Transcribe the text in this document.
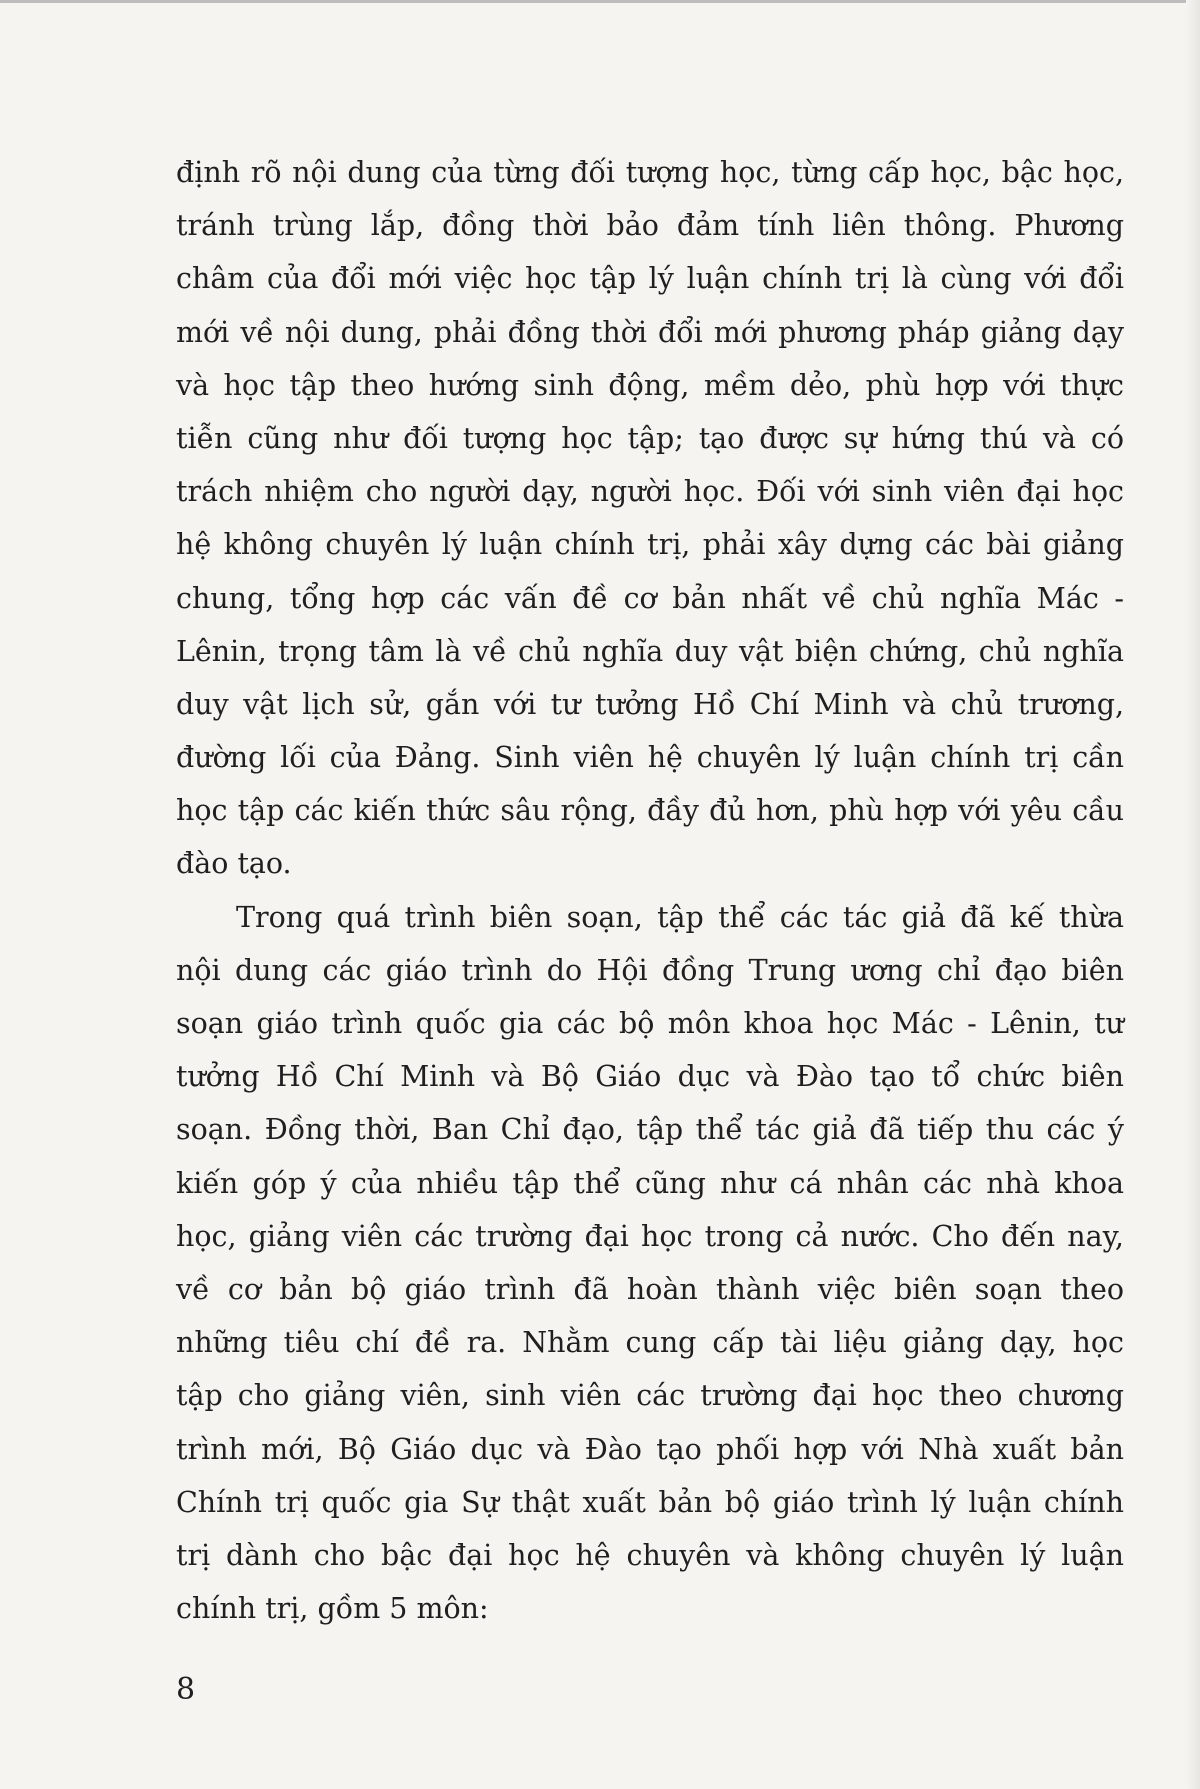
định rõ nội dung của từng đối tượng học, từng cấp học, bậc học,
tránh trùng lắp, đồng thời bảo đảm tính liên thông. Phương
châm của đổi mới việc học tập lý luận chính trị là cùng với đổi
mới về nội dung, phải đồng thời đổi mới phương pháp giảng dạy
và học tập theo hướng sinh động, mềm dẻo, phù hợp với thực
tiễn cũng như đối tượng học tập; tạo được sự hứng thú và có
trách nhiệm cho người dạy, người học. Đối với sinh viên đại học
hệ không chuyên lý luận chính trị, phải xây dựng các bài giảng
chung, tổng hợp các vấn đề cơ bản nhất về chủ nghĩa Mác -
Lênin, trọng tâm là về chủ nghĩa duy vật biện chứng, chủ nghĩa
duy vật lịch sử, gắn với tư tưởng Hồ Chí Minh và chủ trương,
đường lối của Đảng. Sinh viên hệ chuyên lý luận chính trị cần
học tập các kiến thức sâu rộng, đầy đủ hơn, phù hợp với yêu cầu
đào tạo.
Trong quá trình biên soạn, tập thể các tác giả đã kế thừa
nội dung các giáo trình do Hội đồng Trung ương chỉ đạo biên
soạn giáo trình quốc gia các bộ môn khoa học Mác - Lênin, tư
tưởng Hồ Chí Minh và Bộ Giáo dục và Đào tạo tổ chức biên
soạn. Đồng thời, Ban Chỉ đạo, tập thể tác giả đã tiếp thu các ý
kiến góp ý của nhiều tập thể cũng như cá nhân các nhà khoa
học, giảng viên các trường đại học trong cả nước. Cho đến nay,
về cơ bản bộ giáo trình đã hoàn thành việc biên soạn theo
những tiêu chí đề ra. Nhằm cung cấp tài liệu giảng dạy, học
tập cho giảng viên, sinh viên các trường đại học theo chương
trình mới, Bộ Giáo dục và Đào tạo phối hợp với Nhà xuất bản
Chính trị quốc gia Sự thật xuất bản bộ giáo trình lý luận chính
trị dành cho bậc đại học hệ chuyên và không chuyên lý luận
chính trị, gồm 5 môn:
8
